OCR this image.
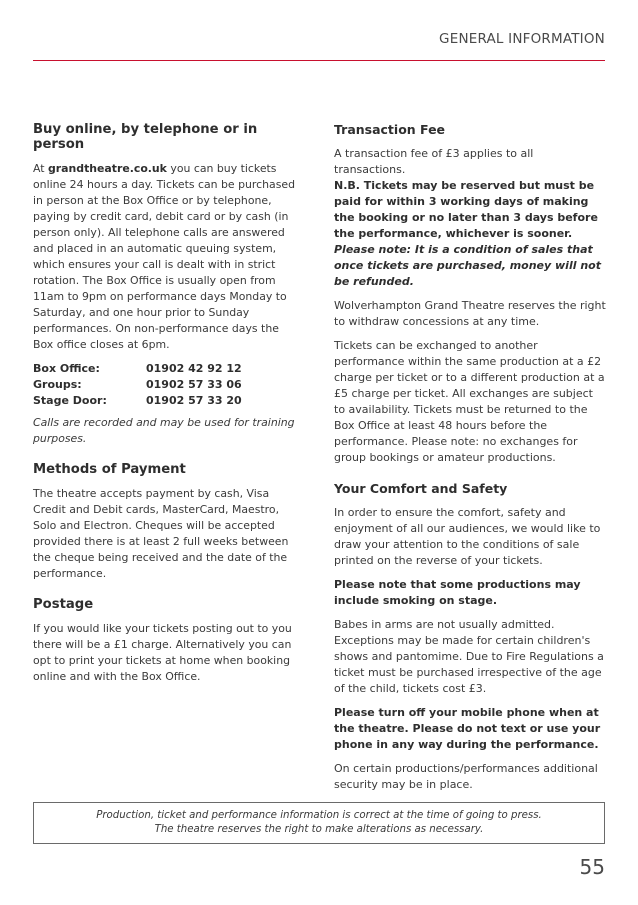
GENERAL INFORMATION
Buy online, by telephone or in person

At grandtheatre.co.uk you can buy tickets online 24 hours a day. Tickets can be purchased in person at the Box Office or by telephone, paying by credit card, debit card or by cash (in person only). All telephone calls are answered and placed in an automatic queuing system, which ensures your call is dealt with in strict rotation. The Box Office is usually open from 11am to 9pm on performance days Monday to Saturday, and one hour prior to Sunday performances. On non-performance days the Box office closes at 6pm.

Box Office:	01902 42 92 12
Groups:	01902 57 33 06
Stage Door:	01902 57 33 20

Calls are recorded and may be used for training purposes.

Methods of Payment

The theatre accepts payment by cash, Visa Credit and Debit cards, MasterCard, Maestro, Solo and Electron. Cheques will be accepted provided there is at least 2 full weeks between the cheque being received and the date of the performance.

Postage

If you would like your tickets posting out to you there will be a £1 charge. Alternatively you can opt to print your tickets at home when booking online and with the Box Office.

Transaction Fee

A transaction fee of £3 applies to all transactions.
N.B. Tickets may be reserved but must be paid for within 3 working days of making the booking or no later than 3 days before the performance, whichever is sooner.
Please note: It is a condition of sales that once tickets are purchased, money will not be refunded.

Wolverhampton Grand Theatre reserves the right to withdraw concessions at any time.

Tickets can be exchanged to another performance within the same production at a £2 charge per ticket or to a different production at a £5 charge per ticket. All exchanges are subject to availability. Tickets must be returned to the Box Office at least 48 hours before the performance. Please note: no exchanges for group bookings or amateur productions.

Your Comfort and Safety

In order to ensure the comfort, safety and enjoyment of all our audiences, we would like to draw your attention to the conditions of sale printed on the reverse of your tickets.

Please note that some productions may include smoking on stage.

Babes in arms are not usually admitted. Exceptions may be made for certain children's shows and pantomime. Due to Fire Regulations a ticket must be purchased irrespective of the age of the child, tickets cost £3.

Please turn off your mobile phone when at the theatre. Please do not text or use your phone in any way during the performance.

On certain productions/performances additional security may be in place.

Production, ticket and performance information is correct at the time of going to press.
The theatre reserves the right to make alterations as necessary.
55
